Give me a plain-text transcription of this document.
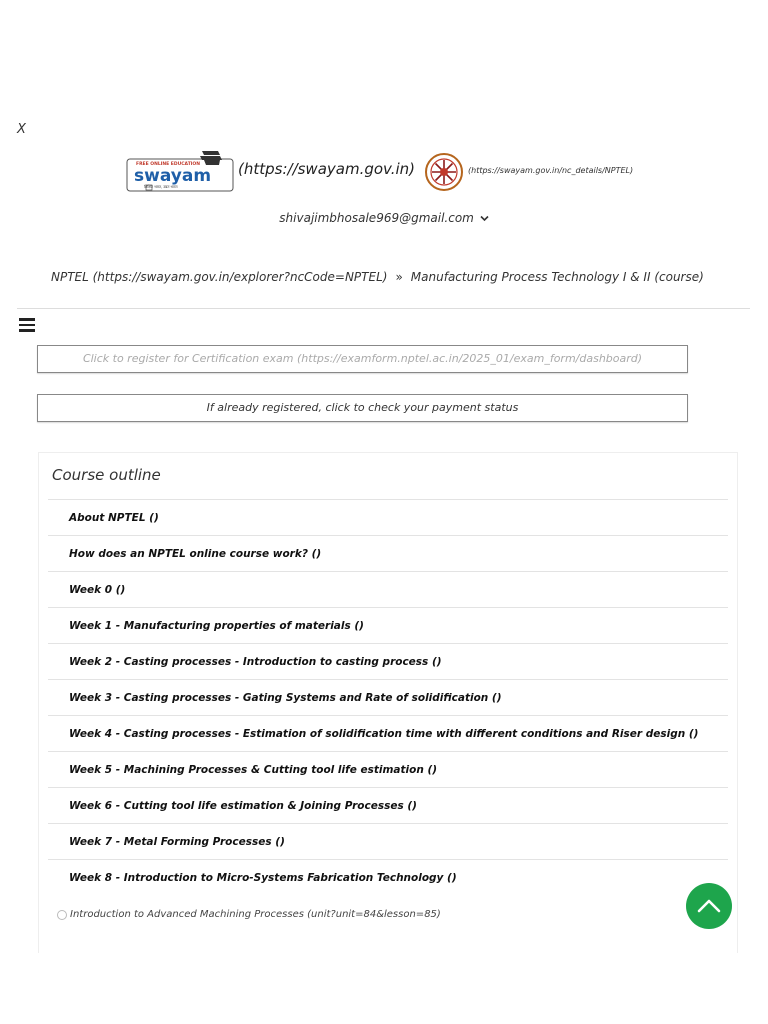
X
FREE ONLINE EDUCATION
swayam
शिक्षित भारत, उन्नत भारत
(https://swayam.gov.in)	(https://swayam.gov.in/nc_details/NPTEL)
shivajimbhosale969@gmail.com
NPTEL (https://swayam.gov.in/explorer?ncCode=NPTEL) » Manufacturing Process Technology I & II (course)
Click to register for Certification exam (https://examform.nptel.ac.in/2025_01/exam_form/dashboard)
If already registered, click to check your payment status
Course outline
About NPTEL ()
How does an NPTEL online course work? ()
Week 0 ()
Week 1 - Manufacturing properties of materials ()
Week 2 - Casting processes - Introduction to casting process ()
Week 3 - Casting processes - Gating Systems and Rate of solidification ()
Week 4 - Casting processes - Estimation of solidification time with different conditions and Riser design ()
Week 5 - Machining Processes & Cutting tool life estimation ()
Week 6 - Cutting tool life estimation & Joining Processes ()
Week 7 - Metal Forming Processes ()
Week 8 - Introduction to Micro-Systems Fabrication Technology ()
Introduction to Advanced Machining Processes (unit?unit=84&lesson=85)
